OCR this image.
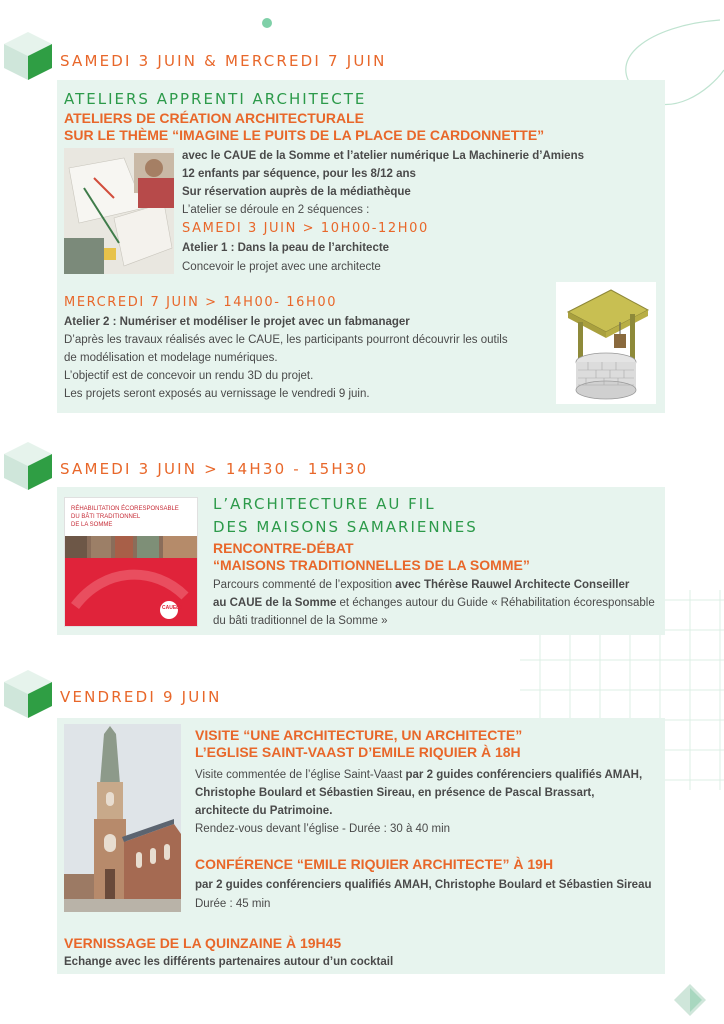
SAMEDI 3 JUIN & MERCREDI 7 JUIN
ATELIERS APPRENTI ARCHITECTE
ATELIERS DE CRÉATION ARCHITECTURALE
SUR LE THÈME “IMAGINE LE PUITS DE LA PLACE DE CARDONNETTE”
avec le CAUE de la Somme et l’atelier numérique La Machinerie d’Amiens
12 enfants par séquence, pour les 8/12 ans
Sur réservation auprès de la médiathèque
L’atelier se déroule en 2 séquences :
SAMEDI 3 JUIN > 10H00-12H00
Atelier 1 : Dans la peau de l’architecte
Concevoir le projet avec une architecte
MERCREDI 7 JUIN > 14H00- 16H00
Atelier 2 : Numériser et modéliser le projet avec un fabmanager
D’après les travaux réalisés avec le CAUE, les participants pourront découvrir les outils
de modélisation et modelage numériques.
L’objectif est de concevoir un rendu 3D du projet.
Les projets seront exposés au vernissage le vendredi 9 juin.
SAMEDI 3 JUIN > 14H30 - 15H30
RÉHABILITATION ÉCORESPONSABLE
DU BÂTI TRADITIONNEL
DE LA SOMME
CAUE80
L’ARCHITECTURE AU FIL
DES MAISONS SAMARIENNES
RENCONTRE-DÉBAT
“MAISONS TRADITIONNELLES DE LA SOMME”
Parcours commenté de l’exposition avec Thérèse Rauwel Architecte Conseiller
au CAUE de la Somme et échanges autour du Guide « Réhabilitation écoresponsable
du bâti traditionnel de la Somme »
VENDREDI 9 JUIN
VISITE “UNE ARCHITECTURE, UN ARCHITECTE”
L’EGLISE SAINT-VAAST D’EMILE RIQUIER À 18H
Visite commentée de l’église Saint-Vaast par 2 guides conférenciers qualifiés AMAH,
Christophe Boulard et Sébastien Sireau, en présence de Pascal Brassart,
architecte du Patrimoine.
Rendez-vous devant l’église - Durée : 30 à 40 min
CONFÉRENCE “EMILE RIQUIER ARCHITECTE” À 19H
par 2 guides conférenciers qualifiés AMAH, Christophe Boulard et Sébastien Sireau
Durée : 45 min
VERNISSAGE DE LA QUINZAINE À 19H45
Echange avec les différents partenaires autour d’un cocktail
